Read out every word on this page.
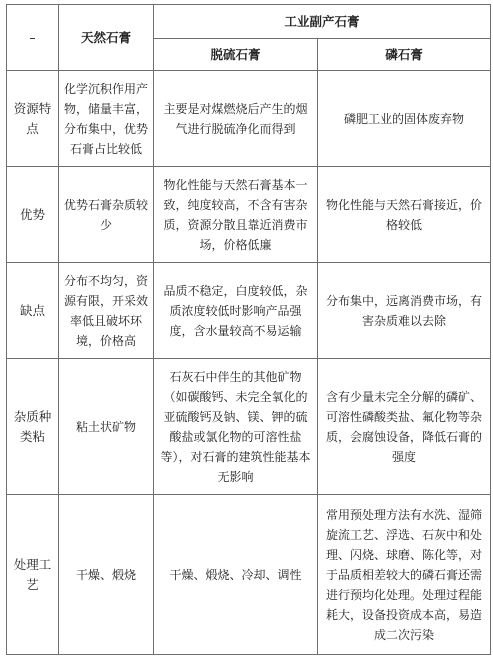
–	天然石膏	工业副产石膏	
		脱硫石膏	磷石膏
资源特点	化学沉积作用产物，储量丰富，分布集中，优势石膏占比较低	主要是对煤燃烧后产生的烟气进行脱硫净化而得到	磷肥工业的固体废弃物
优势	优势石膏杂质较少	物化性能与天然石膏基本一致，纯度较高，不含有害杂质，资源分散且靠近消费市场，价格低廉	物化性能与天然石膏接近，价格较低
缺点	分布不均匀，资源有限，开采效率低且破坏环境，价格高	品质不稳定，白度较低，杂质浓度较低时影响产品强度，含水量较高不易运输	分布集中，远离消费市场，有害杂质难以去除
杂质种类粘	粘土状矿物	石灰石中伴生的其他矿物（如碳酸钙、未完全氧化的亚硫酸钙及钠、镁、钾的硫酸盐或氯化物的可溶性盐等），对石膏的建筑性能基本无影响	含有少量未完全分解的磷矿、可溶性磷酸类盐、氟化物等杂质，会腐蚀设备，降低石膏的强度
处理工艺	干燥、煅烧	干燥、煅烧、冷却、调性	常用预处理方法有水洗、湿筛旋流工艺、浮选、石灰中和处理、闪烧、球磨、陈化等，对于品质相差较大的磷石膏还需进行预均化处理。处理过程能耗大，设备投资成本高，易造成二次污染
